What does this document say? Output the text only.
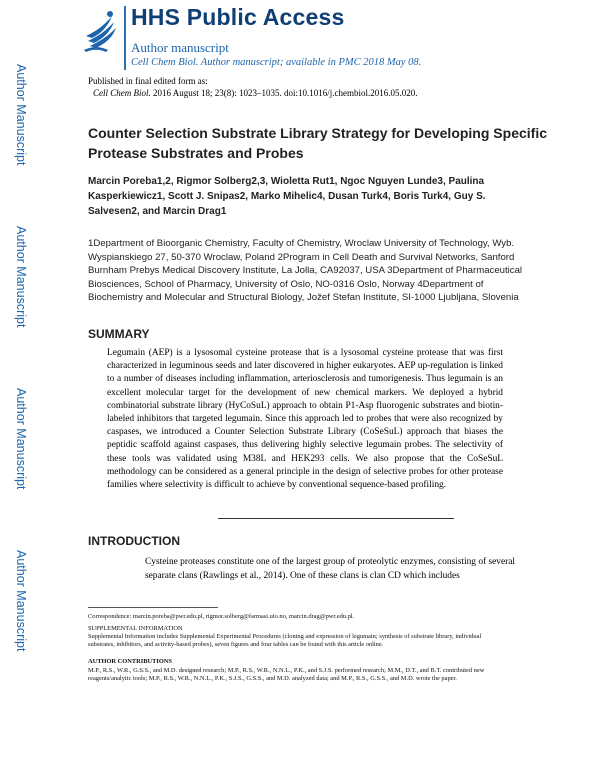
HHS Public Access
Author manuscript
Cell Chem Biol. Author manuscript; available in PMC 2018 May 08.
Published in final edited form as:
Cell Chem Biol. 2016 August 18; 23(8): 1023–1035. doi:10.1016/j.chembiol.2016.05.020.
Author Manuscript
Author Manuscript
Author Manuscript
Author Manuscript
Counter Selection Substrate Library Strategy for Developing Specific Protease Substrates and Probes
Marcin Poreba1,2, Rigmor Solberg2,3, Wioletta Rut1, Ngoc Nguyen Lunde3, Paulina Kasperkiewicz1, Scott J. Snipas2, Marko Mihelic4, Dusan Turk4, Boris Turk4, Guy S. Salvesen2, and Marcin Drag1
1Department of Bioorganic Chemistry, Faculty of Chemistry, Wroclaw University of Technology, Wyb. Wyspianskiego 27, 50-370 Wroclaw, Poland 2Program in Cell Death and Survival Networks, Sanford Burnham Prebys Medical Discovery Institute, La Jolla, CA92037, USA 3Department of Pharmaceutical Biosciences, School of Pharmacy, University of Oslo, NO-0316 Oslo, Norway 4Department of Biochemistry and Molecular and Structural Biology, Jožef Stefan Institute, SI-1000 Ljubljana, Slovenia
SUMMARY
Legumain (AEP) is a lysosomal cysteine protease that is a lysosomal cysteine protease that was first characterized in leguminous seeds and later discovered in higher eukaryotes. AEP up-regulation is linked to a number of diseases including inflammation, arteriosclerosis and tumorigenesis. Thus legumain is an excellent molecular target for the development of new chemical markers. We deployed a hybrid combinatorial substrate library (HyCoSuL) approach to obtain P1-Asp fluorogenic substrates and biotin-labeled inhibitors that targeted legumain. Since this approach led to probes that were also recognized by caspases, we introduced a Counter Selection Substrate Library (CoSeSuL) approach that biases the peptidic scaffold against caspases, thus delivering highly selective legumain probes. The selectivity of these tools was validated using M38L and HEK293 cells. We also propose that the CoSeSuL methodology can be considered as a general principle in the design of selective probes for other protease families where selectivity is difficult to achieve by conventional sequence-based profiling.
INTRODUCTION
Cysteine proteases constitute one of the largest group of proteolytic enzymes, consisting of several separate clans (Rawlings et al., 2014). One of these clans is clan CD which includes
Correspondence: marcin.poreba@pwr.edu.pl, rigmor.solberg@farmasi.uio.no, marcin.drag@pwr.edu.pl.
SUPPLEMENTAL INFORMATION
Supplemental Information includes Supplemental Experimental Procedures (cloning and expression of legumain; synthesis of substrate library, individual substrates, inhibitors, and activity-based probes), seven figures and four tables can be found with this article online.
AUTHOR CONTRIBUTIONS
M.P., R.S., W.R., G.S.S., and M.D. designed research; M.P., R.S., W.R., N.N.L., P.K., and S.J.S. performed research; M.M., D.T., and B.T. contributed new reagents/analytic tools; M.P., R.S., W.R., N.N.L., P.K., S.J.S., G.S.S., and M.D. analyzed data; and M.P., R.S., G.S.S., and M.D. wrote the paper.
